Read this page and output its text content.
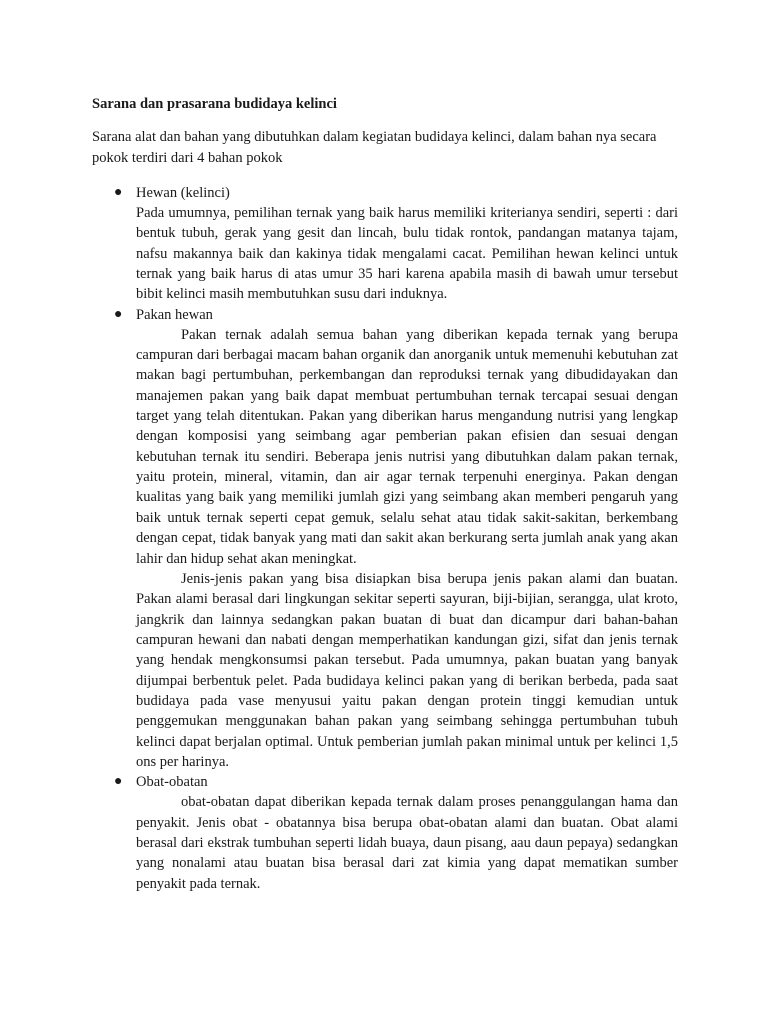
Sarana dan prasarana budidaya kelinci

Sarana alat dan bahan yang dibutuhkan dalam kegiatan budidaya kelinci, dalam bahan nya secara pokok terdiri dari 4 bahan pokok

● Hewan (kelinci)

Pada umumnya, pemilihan ternak yang baik harus memiliki kriterianya sendiri, seperti : dari bentuk tubuh, gerak yang gesit dan lincah, bulu tidak rontok, pandangan matanya tajam, nafsu makannya baik dan kakinya tidak mengalami cacat. Pemilihan hewan kelinci untuk ternak yang baik harus di atas umur 35 hari karena apabila masih di bawah umur tersebut bibit kelinci masih membutuhkan susu dari induknya.

● Pakan hewan

Pakan ternak adalah semua bahan yang diberikan kepada ternak yang berupa campuran dari berbagai macam bahan organik dan anorganik untuk memenuhi kebutuhan zat makan bagi pertumbuhan, perkembangan dan reproduksi ternak yang dibudidayakan dan manajemen pakan yang baik dapat membuat pertumbuhan ternak tercapai sesuai dengan target yang telah ditentukan. Pakan yang diberikan harus mengandung nutrisi yang lengkap dengan komposisi yang seimbang agar pemberian pakan efisien dan sesuai dengan kebutuhan ternak itu sendiri. Beberapa jenis nutrisi yang dibutuhkan dalam pakan ternak, yaitu protein, mineral, vitamin, dan air agar ternak terpenuhi energinya. Pakan dengan kualitas yang baik yang memiliki jumlah gizi yang seimbang akan memberi pengaruh yang baik untuk ternak seperti cepat gemuk, selalu sehat atau tidak sakit-sakitan, berkembang dengan cepat, tidak banyak yang mati dan sakit akan berkurang serta jumlah anak yang akan lahir dan hidup sehat akan meningkat.

Jenis-jenis pakan yang bisa disiapkan bisa berupa jenis pakan alami dan buatan. Pakan alami berasal dari lingkungan sekitar seperti sayuran, biji-bijian, serangga, ulat kroto, jangkrik dan lainnya sedangkan pakan buatan di buat dan dicampur dari bahan-bahan campuran hewani dan nabati dengan memperhatikan kandungan gizi, sifat dan jenis ternak yang hendak mengkonsumsi pakan tersebut. Pada umumnya, pakan buatan yang banyak dijumpai berbentuk pelet. Pada budidaya kelinci pakan yang di berikan berbeda, pada saat budidaya pada vase menyusui yaitu pakan dengan protein tinggi kemudian untuk penggemukan menggunakan bahan pakan yang seimbang sehingga pertumbuhan tubuh kelinci dapat berjalan optimal. Untuk pemberian jumlah pakan minimal untuk per kelinci 1,5 ons per harinya.

● Obat-obatan

obat-obatan dapat diberikan kepada ternak dalam proses penanggulangan hama dan penyakit. Jenis obat - obatannya bisa berupa obat-obatan alami dan buatan. Obat alami berasal dari ekstrak tumbuhan seperti lidah buaya, daun pisang, aau daun pepaya) sedangkan yang nonalami atau buatan bisa berasal dari zat kimia yang dapat mematikan sumber penyakit pada ternak.
